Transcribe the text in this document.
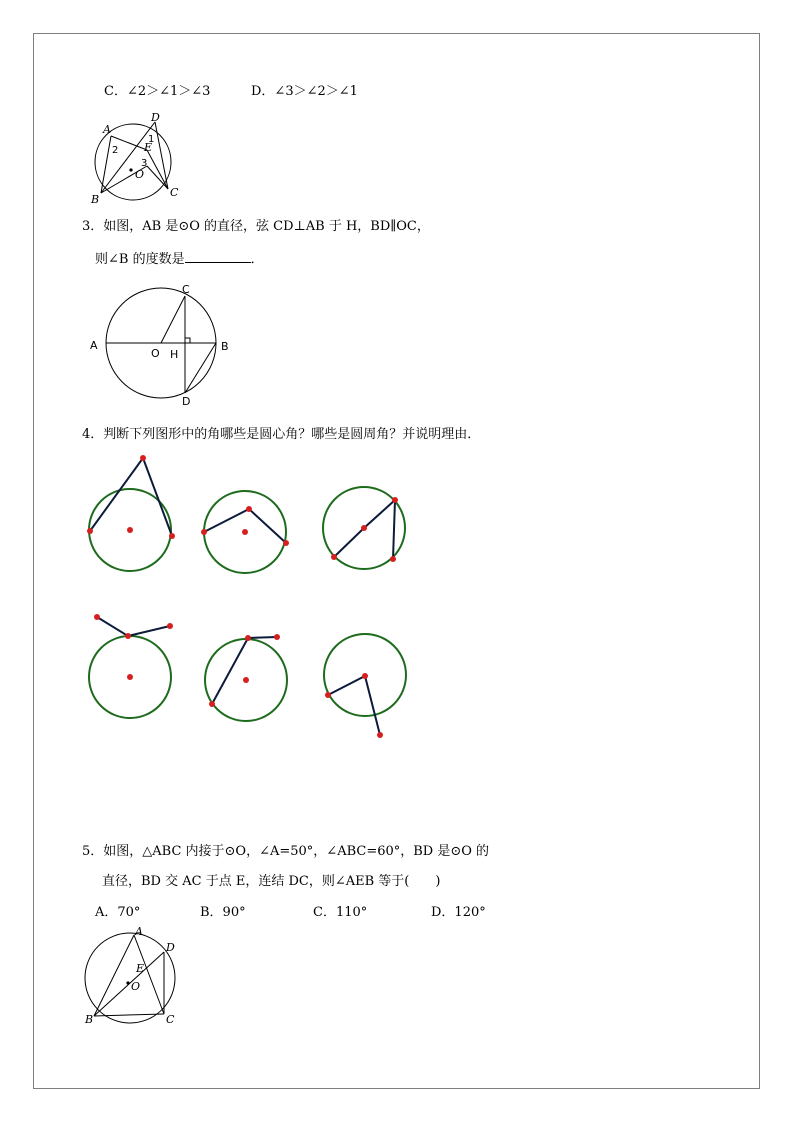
C．∠2＞∠1＞∠3	D．∠3＞∠2＞∠1
A
D
E
O
B
C
2
1
3
3．如图，AB 是⊙O 的直径，弦 CD⊥AB 于 H，BD∥OC，
则∠B 的度数是	．
A	B
C
D
O H
4．判断下列图形中的角哪些是圆心角？哪些是圆周角？并说明理由．
5．如图，△ABC 内接于⊙O，∠A=50°，∠ABC=60°，BD 是⊙O 的
直径，BD 交 AC 于点 E，连结 DC，则∠AEB 等于(　　)
A．70°	B．90°	C．110°	D．120°
A
D
E
O
B	C
